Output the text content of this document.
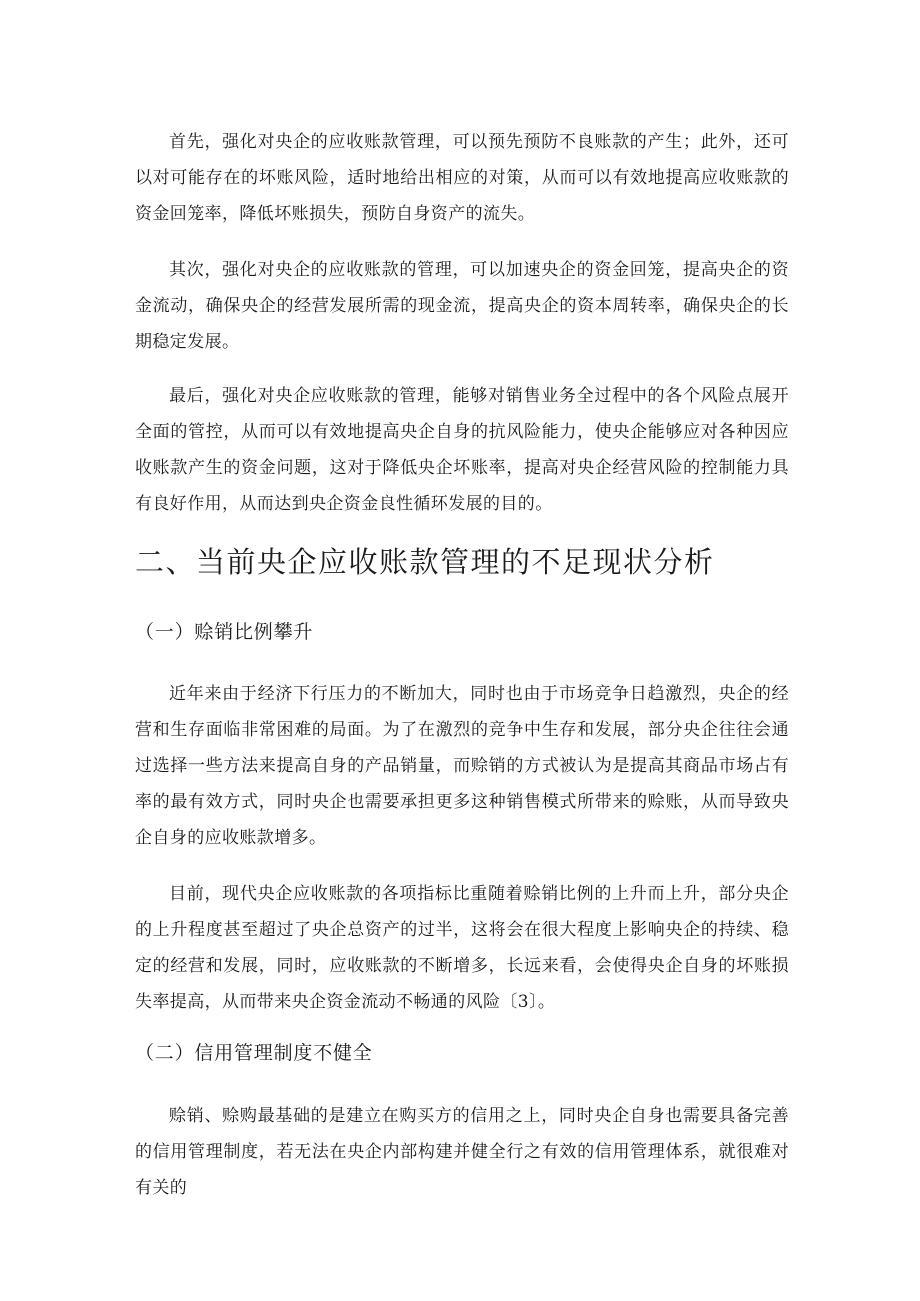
首先，强化对央企的应收账款管理，可以预先预防不良账款的产生；此外，还可以对可能存在的坏账风险，适时地给出相应的对策，从而可以有效地提高应收账款的资金回笼率，降低坏账损失，预防自身资产的流失。

其次，强化对央企的应收账款的管理，可以加速央企的资金回笼，提高央企的资金流动，确保央企的经营发展所需的现金流，提高央企的资本周转率，确保央企的长期稳定发展。

最后，强化对央企应收账款的管理，能够对销售业务全过程中的各个风险点展开全面的管控，从而可以有效地提高央企自身的抗风险能力，使央企能够应对各种因应收账款产生的资金问题，这对于降低央企坏账率，提高对央企经营风险的控制能力具有良好作用，从而达到央企资金良性循环发展的目的。

二、当前央企应收账款管理的不足现状分析
（一）赊销比例攀升

近年来由于经济下行压力的不断加大，同时也由于市场竞争日趋激烈，央企的经营和生存面临非常困难的局面。为了在激烈的竞争中生存和发展，部分央企往往会通过选择一些方法来提高自身的产品销量，而赊销的方式被认为是提高其商品市场占有率的最有效方式，同时央企也需要承担更多这种销售模式所带来的赊账，从而导致央企自身的应收账款增多。

目前，现代央企应收账款的各项指标比重随着赊销比例的上升而上升，部分央企的上升程度甚至超过了央企总资产的过半，这将会在很大程度上影响央企的持续、稳定的经营和发展，同时，应收账款的不断增多，长远来看，会使得央企自身的坏账损失率提高，从而带来央企资金流动不畅通的风险〔3〕。

（二）信用管理制度不健全

赊销、赊购最基础的是建立在购买方的信用之上，同时央企自身也需要具备完善的信用管理制度，若无法在央企内部构建并健全行之有效的信用管理体系，就很难对有关的
